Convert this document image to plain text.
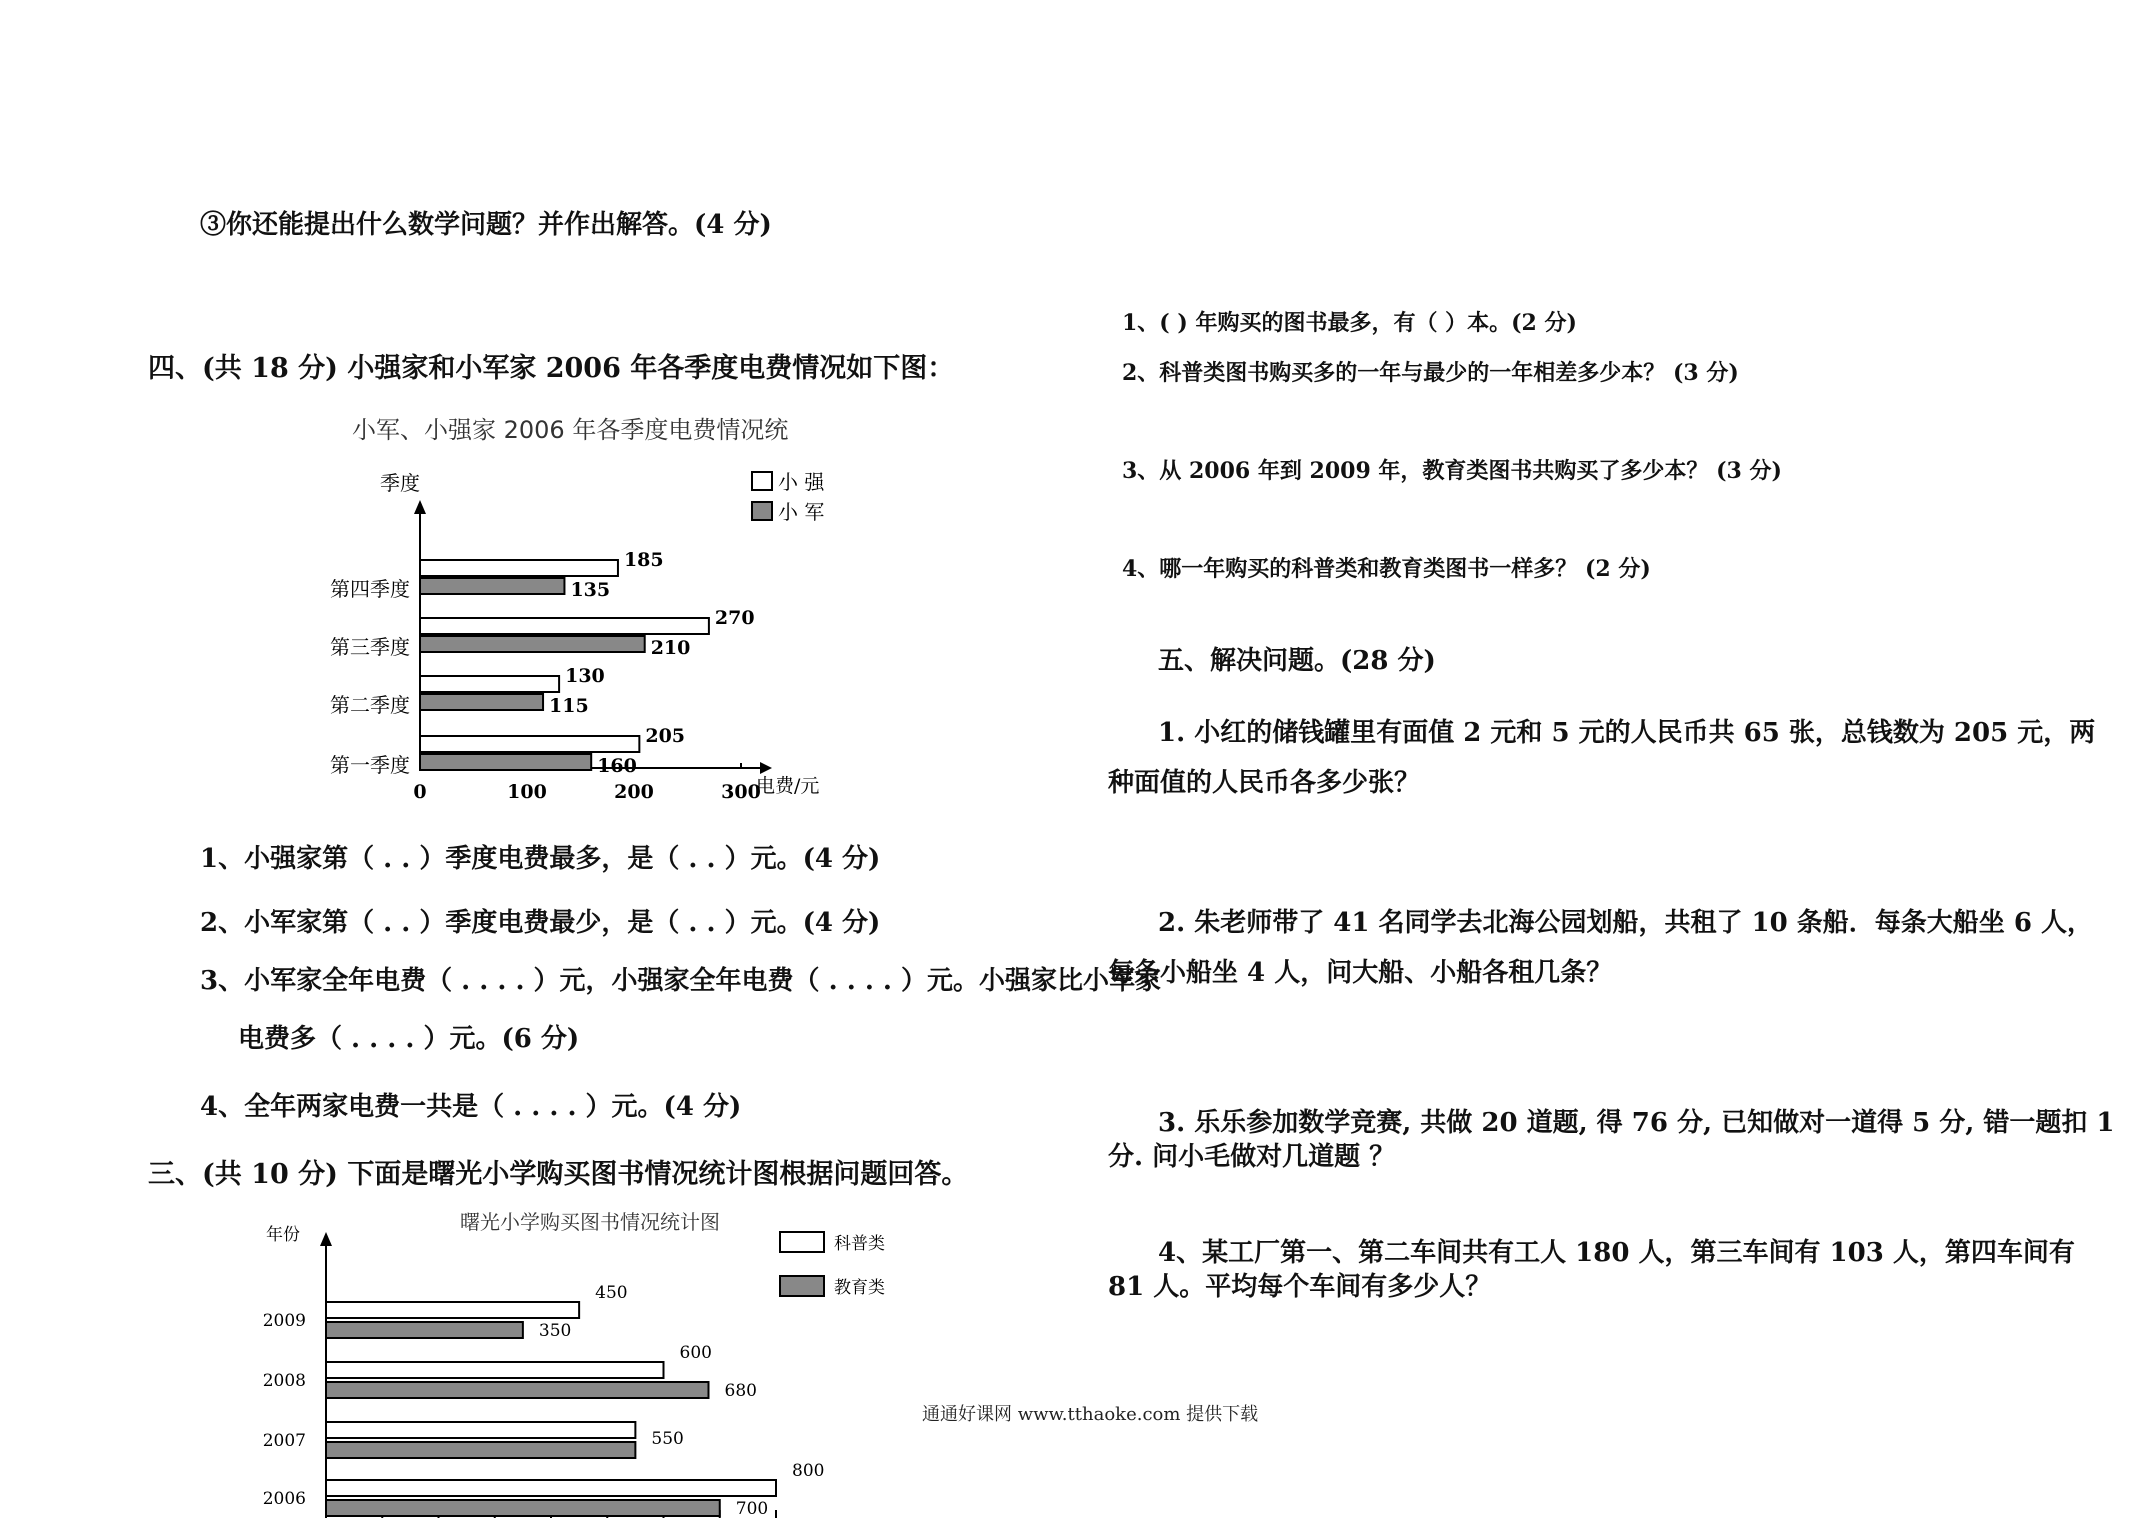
③你还能提出什么数学问题？并作出解答。(4 分)
四、(共 18 分) 小强家和小军家 2006 年各季度电费情况如下图：
小军、小强家 2006 年各季度电费情况统
季度
电费/元
0	100	200	300
第一季度
205
160
第二季度
130
115
第三季度
270
210
第四季度
185
135
小 强
小 军
1、小强家第（ . . ）季度电费最多，是（ . . ）元。(4 分)
2、小军家第（ . . ）季度电费最少，是（ . . ）元。(4 分)
3、小军家全年电费（ . . . . ）元，小强家全年电费（ . . . . ）元。小强家比小军家
电费多（ . . . . ）元。(6 分)
4、全年两家电费一共是（ . . . . ）元。(4 分)
三、(共 10 分) 下面是曙光小学购买图书情况统计图根据问题回答。
曙光小学购买图书情况统计图
年份
2006
800
700
2007	550
2008
600
680
2009
450
350
科普类
教育类
1、( ) 年购买的图书最多，有（ ）本。(2 分)
2、科普类图书购买多的一年与最少的一年相差多少本？ (3 分)
3、从 2006 年到 2009 年，教育类图书共购买了多少本？ (3 分)
4、哪一年购买的科普类和教育类图书一样多？ (2 分)
五、解决问题。(28 分)
1. 小红的储钱罐里有面值 2 元和 5 元的人民币共 65 张，总钱数为 205 元，两
种面值的人民币各多少张？
2. 朱老师带了 41 名同学去北海公园划船，共租了 10 条船．每条大船坐 6 人，
每条小船坐 4 人，问大船、小船各租几条？
3. 乐乐参加数学竞赛, 共做 20 道题, 得 76 分, 已知做对一道得 5 分, 错一题扣 1
分. 问小毛做对几道题 ？
4、某工厂第一、第二车间共有工人 180 人，第三车间有 103 人，第四车间有
81 人。平均每个车间有多少人？
通通好课网 www.tthaoke.com 提供下载
